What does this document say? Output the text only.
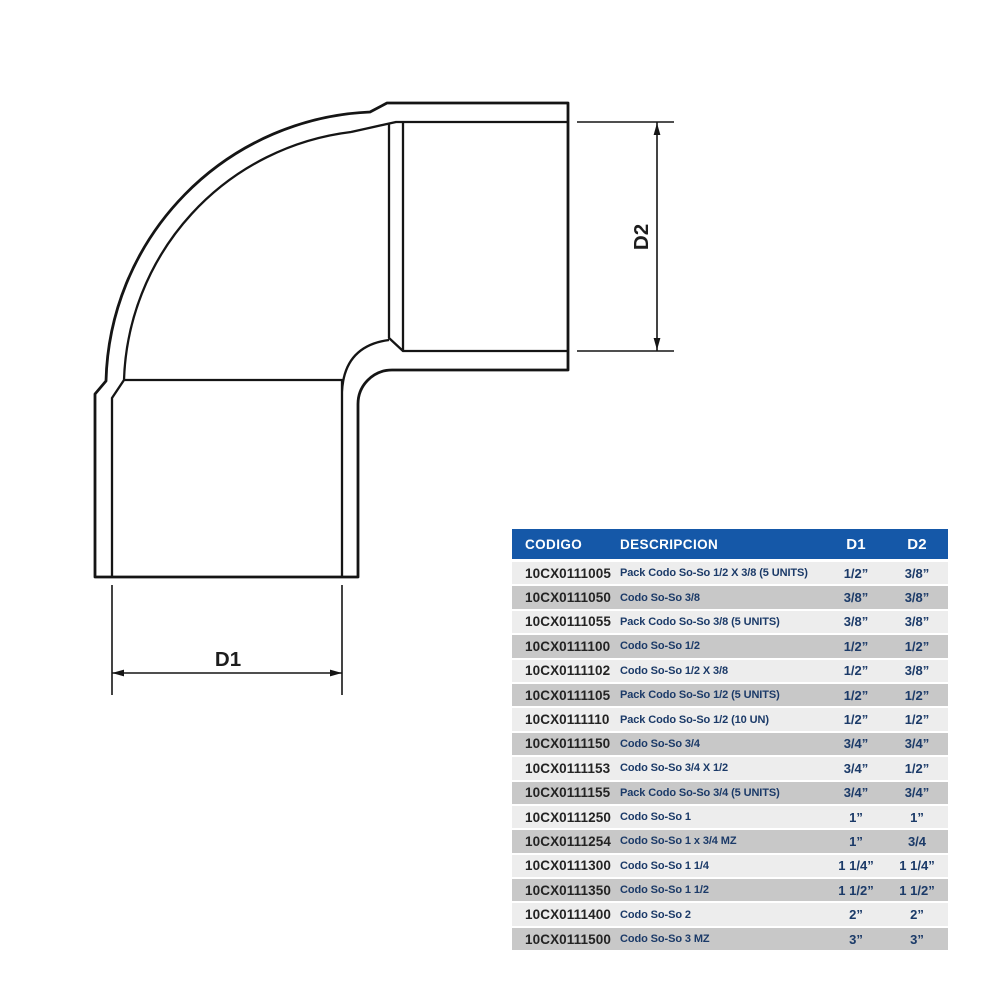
D1
D2
CODIGO	DESCRIPCION	D1	D2
10CX0111005 Pack Codo So-So 1/2 X 3/8 (5 UNITS)	1/2”	3/8”
10CX0111050 Codo So-So 3/8	3/8”	3/8”
10CX0111055 Pack Codo So-So 3/8 (5 UNITS)	3/8”	3/8”
10CX0111100 Codo So-So 1/2	1/2”	1/2”
10CX0111102 Codo So-So 1/2 X 3/8	1/2”	3/8”
10CX0111105 Pack Codo So-So 1/2 (5 UNITS)	1/2”	1/2”
10CX0111110 Pack Codo So-So 1/2 (10 UN)	1/2”	1/2”
10CX0111150 Codo So-So 3/4	3/4”	3/4”
10CX0111153 Codo So-So 3/4 X 1/2	3/4”	1/2”
10CX0111155 Pack Codo So-So 3/4 (5 UNITS)	3/4”	3/4”
10CX0111250 Codo So-So 1	1”	1”
10CX0111254 Codo So-So 1 x 3/4 MZ	1”	3/4
10CX0111300 Codo So-So 1 1/4	1 1/4”	1 1/4”
10CX0111350 Codo So-So 1 1/2	1 1/2”	1 1/2”
10CX0111400 Codo So-So 2	2”	2”
10CX0111500 Codo So-So 3 MZ	3”	3”
